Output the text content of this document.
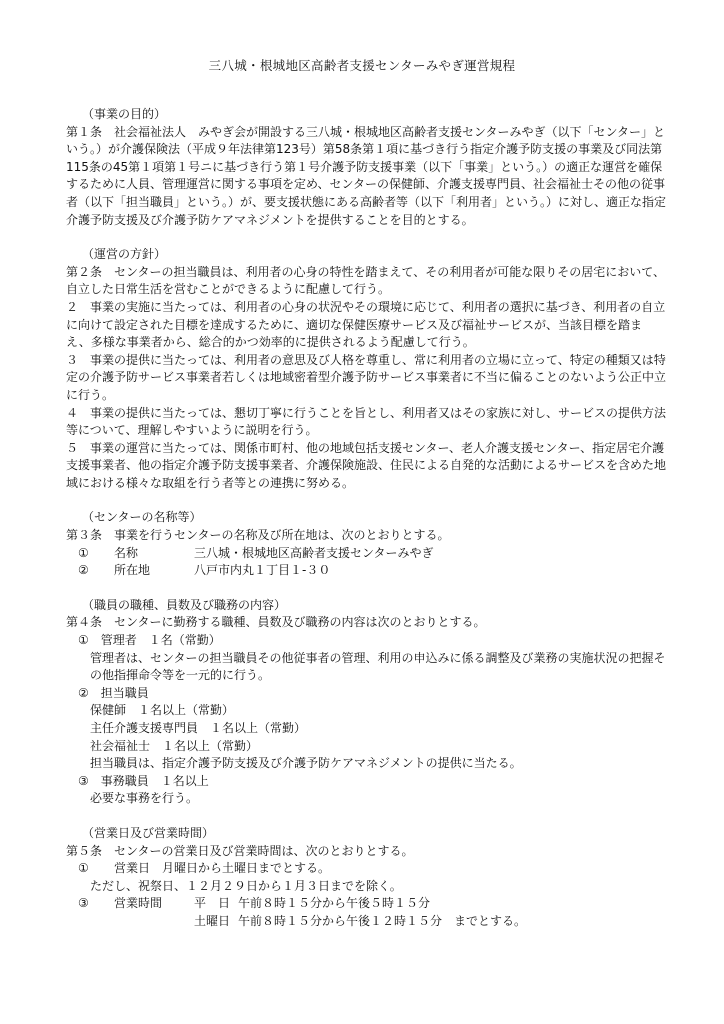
三八城・根城地区高齢者支援センターみやぎ運営規程
（事業の目的）
第１条　社会福祉法人　みやぎ会が開設する三八城・根城地区高齢者支援センターみやぎ（以下「センター」という。）が介護保険法（平成９年法律第123号）第58条第１項に基づき行う指定介護予防支援の事業及び同法第115条の45第１項第１号ニに基づき行う第１号介護予防支援事業（以下「事業」という。）の適正な運営を確保するために人員、管理運営に関する事項を定め、センターの保健師、介護支援専門員、社会福祉士その他の従事者（以下「担当職員」という。）が、要支援状態にある高齢者等（以下「利用者」という。）に対し、適正な指定介護予防支援及び介護予防ケアマネジメントを提供することを目的とする。
（運営の方針）
第２条　センターの担当職員は、利用者の心身の特性を踏まえて、その利用者が可能な限りその居宅において、自立した日常生活を営むことができるように配慮して行う。
２　事業の実施に当たっては、利用者の心身の状況やその環境に応じて、利用者の選択に基づき、利用者の自立に向けて設定された目標を達成するために、適切な保健医療サービス及び福祉サービスが、当該目標を踏まえ、多様な事業者から、総合的かつ効率的に提供されるよう配慮して行う。
３　事業の提供に当たっては、利用者の意思及び人格を尊重し、常に利用者の立場に立って、特定の種類又は特定の介護予防サービス事業者若しくは地域密着型介護予防サービス事業者に不当に偏ることのないよう公正中立に行う。
４　事業の提供に当たっては、懇切丁寧に行うことを旨とし、利用者又はその家族に対し、サービスの提供方法等について、理解しやすいように説明を行う。
５　事業の運営に当たっては、関係市町村、他の地域包括支援センター、老人介護支援センター、指定居宅介護支援事業者、他の指定介護予防支援事業者、介護保険施設、住民による自発的な活動によるサービスを含めた地域における様々な取組を行う者等との連携に努める。
（センターの名称等）
第３条　事業を行うセンターの名称及び所在地は、次のとおりとする。
① 名称	三八城・根城地区高齢者支援センターみやぎ
② 所在地	八戸市内丸１丁目１-３０
（職員の職種、員数及び職務の内容）
第４条　センターに勤務する職種、員数及び職務の内容は次のとおりとする。
①　管理者　１名（常勤）
管理者は、センターの担当職員その他従事者の管理、利用の申込みに係る調整及び業務の実施状況の把握その他指揮命令等を一元的に行う。
②　担当職員
保健師　１名以上（常勤）
主任介護支援専門員　１名以上（常勤）
社会福祉士　１名以上（常勤）
担当職員は、指定介護予防支援及び介護予防ケアマネジメントの提供に当たる。
③　事務職員　１名以上
必要な事務を行う。
（営業日及び営業時間）
第５条　センターの営業日及び営業時間は、次のとおりとする。
① 営業日　月曜日から土曜日までとする。
ただし、祝祭日、１２月２９日から１月３日までを除く。
③ 営業時間	平　日 午前８時１５分から午後５時１５分
土曜日 午前８時１５分から午後１２時１５分　までとする。
